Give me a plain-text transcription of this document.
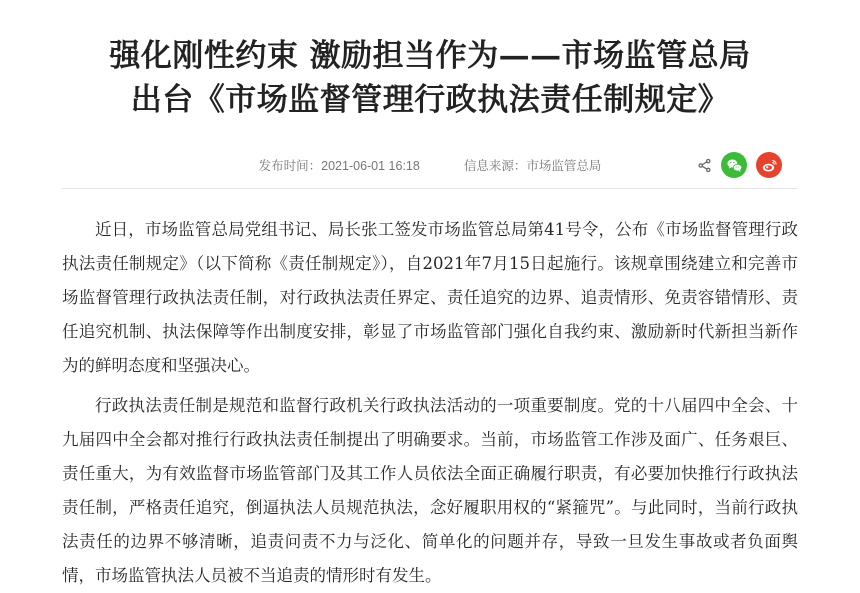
强化刚性约束 激励担当作为——市场监管总局
出台《市场监督管理行政执法责任制规定》
发布时间：2021-06-01 16:18	信息来源：市场监管总局

近日，市场监管总局党组书记、局长张工签发市场监管总局第41号令，公布《市场监督管理行政执法责任制规定》（以下简称《责任制规定》），自2021年7月15日起施行。该规章围绕建立和完善市场监督管理行政执法责任制，对行政执法责任界定、责任追究的边界、追责情形、免责容错情形、责任追究机制、执法保障等作出制度安排，彰显了市场监管部门强化自我约束、激励新时代新担当新作为的鲜明态度和坚强决心。

行政执法责任制是规范和监督行政机关行政执法活动的一项重要制度。党的十八届四中全会、十九届四中全会都对推行行政执法责任制提出了明确要求。当前，市场监管工作涉及面广、任务艰巨、责任重大，为有效监督市场监管部门及其工作人员依法全面正确履行职责，有必要加快推行行政执法责任制，严格责任追究，倒逼执法人员规范执法，念好履职用权的“紧箍咒”。与此同时，当前行政执法责任的边界不够清晰，追责问责不力与泛化、简单化的问题并存，导致一旦发生事故或者负面舆情，市场监管执法人员被不当追责的情形时有发生。
